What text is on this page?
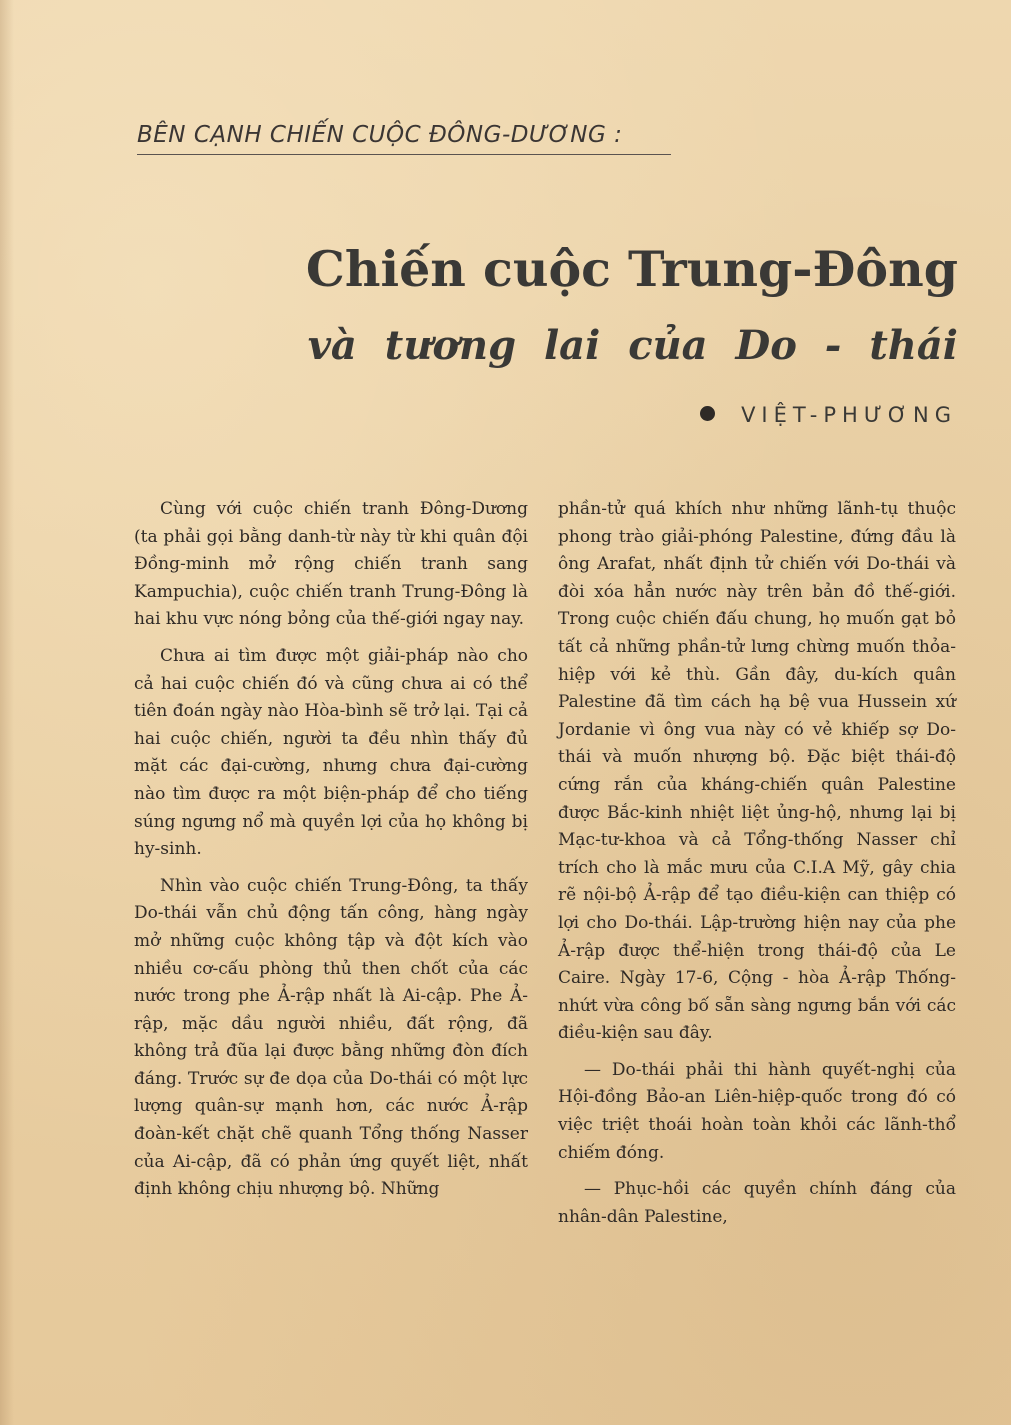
BÊN CẠNH CHIẾN CUỘC ĐÔNG-DƯƠNG :
Chiến cuộc Trung-Đông
và tương lai của Do - thái
VIỆT-PHƯƠNG

Cùng với cuộc chiến tranh Đông-Dương (ta phải gọi bằng danh-từ này từ khi quân đội Đồng-minh mở rộng chiến tranh sang Kampuchia), cuộc chiến tranh Trung-Đông là hai khu vực nóng bỏng của thế-giới ngay nay.

Chưa ai tìm được một giải-pháp nào cho cả hai cuộc chiến đó và cũng chưa ai có thể tiên đoán ngày nào Hòa-bình sẽ trở lại. Tại cả hai cuộc chiến, người ta đều nhìn thấy đủ mặt các đại-cường, nhưng chưa đại-cường nào tìm được ra một biện-pháp để cho tiếng súng ngưng nổ mà quyền lợi của họ không bị hy-sinh.

Nhìn vào cuộc chiến Trung-Đông, ta thấy Do-thái vẫn chủ động tấn công, hàng ngày mở những cuộc không tập và đột kích vào nhiều cơ-cấu phòng thủ then chốt của các nước trong phe Ả-rập nhất là Ai-cập. Phe Ả-rập, mặc dầu người nhiều, đất rộng, đã không trả đũa lại được bằng những đòn đích đáng. Trước sự đe dọa của Do-thái có một lực lượng quân-sự mạnh hơn, các nước Ả-rập đoàn-kết chặt chẽ quanh Tổng thống Nasser của Ai-cập, đã có phản ứng quyết liệt, nhất định không chịu nhượng bộ. Những

phần-tử quá khích như những lãnh-tụ thuộc phong trào giải-phóng Palestine, đứng đầu là ông Arafat, nhất định tử chiến với Do-thái và đòi xóa hẳn nước này trên bản đồ thế-giới. Trong cuộc chiến đấu chung, họ muốn gạt bỏ tất cả những phần-tử lưng chừng muốn thỏa-hiệp với kẻ thù. Gần đây, du-kích quân Palestine đã tìm cách hạ bệ vua Hussein xứ Jordanie vì ông vua này có vẻ khiếp sợ Do-thái và muốn nhượng bộ. Đặc biệt thái-độ cứng rắn của kháng-chiến quân Palestine được Bắc-kinh nhiệt liệt ủng-hộ, nhưng lại bị Mạc-tư-khoa và cả Tổng-thống Nasser chỉ trích cho là mắc mưu của C.I.A Mỹ, gây chia rẽ nội-bộ Ả-rập để tạo điều-kiện can thiệp có lợi cho Do-thái. Lập-trường hiện nay của phe Ả-rập được thể-hiện trong thái-độ của Le Caire. Ngày 17-6, Cộng - hòa Ả-rập Thống-nhứt vừa công bố sẵn sàng ngưng bắn với các điều-kiện sau đây.

— Do-thái phải thi hành quyết-nghị của Hội-đồng Bảo-an Liên-hiệp-quốc trong đó có việc triệt thoái hoàn toàn khỏi các lãnh-thổ chiếm đóng.

— Phục-hồi các quyền chính đáng của nhân-dân Palestine,
